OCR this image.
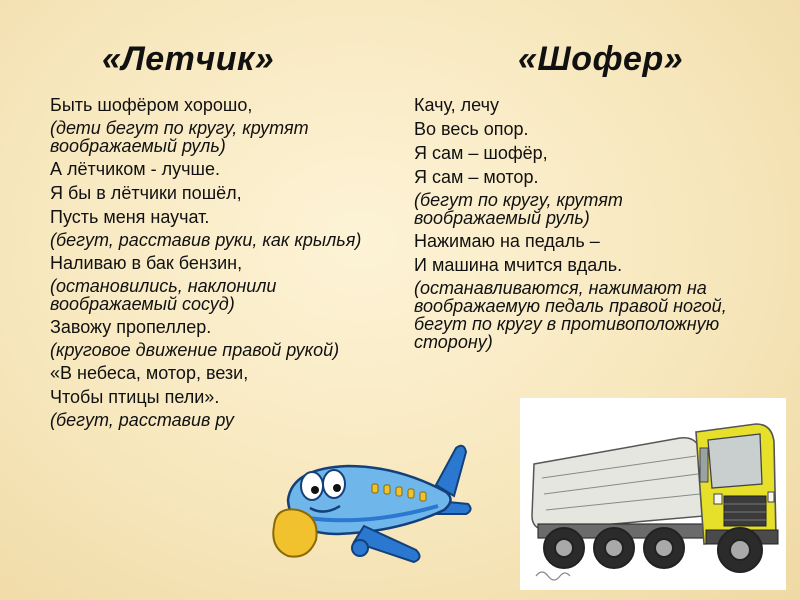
«Летчик»	«Шофер»
Быть шофёром хорошо,
(дети бегут по кругу, крутят воображаемый руль)
А лётчиком - лучше.
Я бы в лётчики пошёл,
Пусть меня научат.
(бегут, расставив руки, как крылья)
Наливаю в бак бензин,
(остановились, наклонили воображаемый сосуд)
Завожу пропеллер.
(круговое движение правой рукой)
«В небеса, мотор, вези,
Чтобы птицы пели».
(бегут, расставив ру
Качу, лечу
Во весь опор.
Я сам – шофёр,
Я сам – мотор.
(бегут по кругу, крутят воображаемый руль)
Нажимаю на педаль –
И машина мчится вдаль.
(останавливаются, нажимают на воображаемую педаль правой ногой, бегут по кругу в противоположную сторону)
